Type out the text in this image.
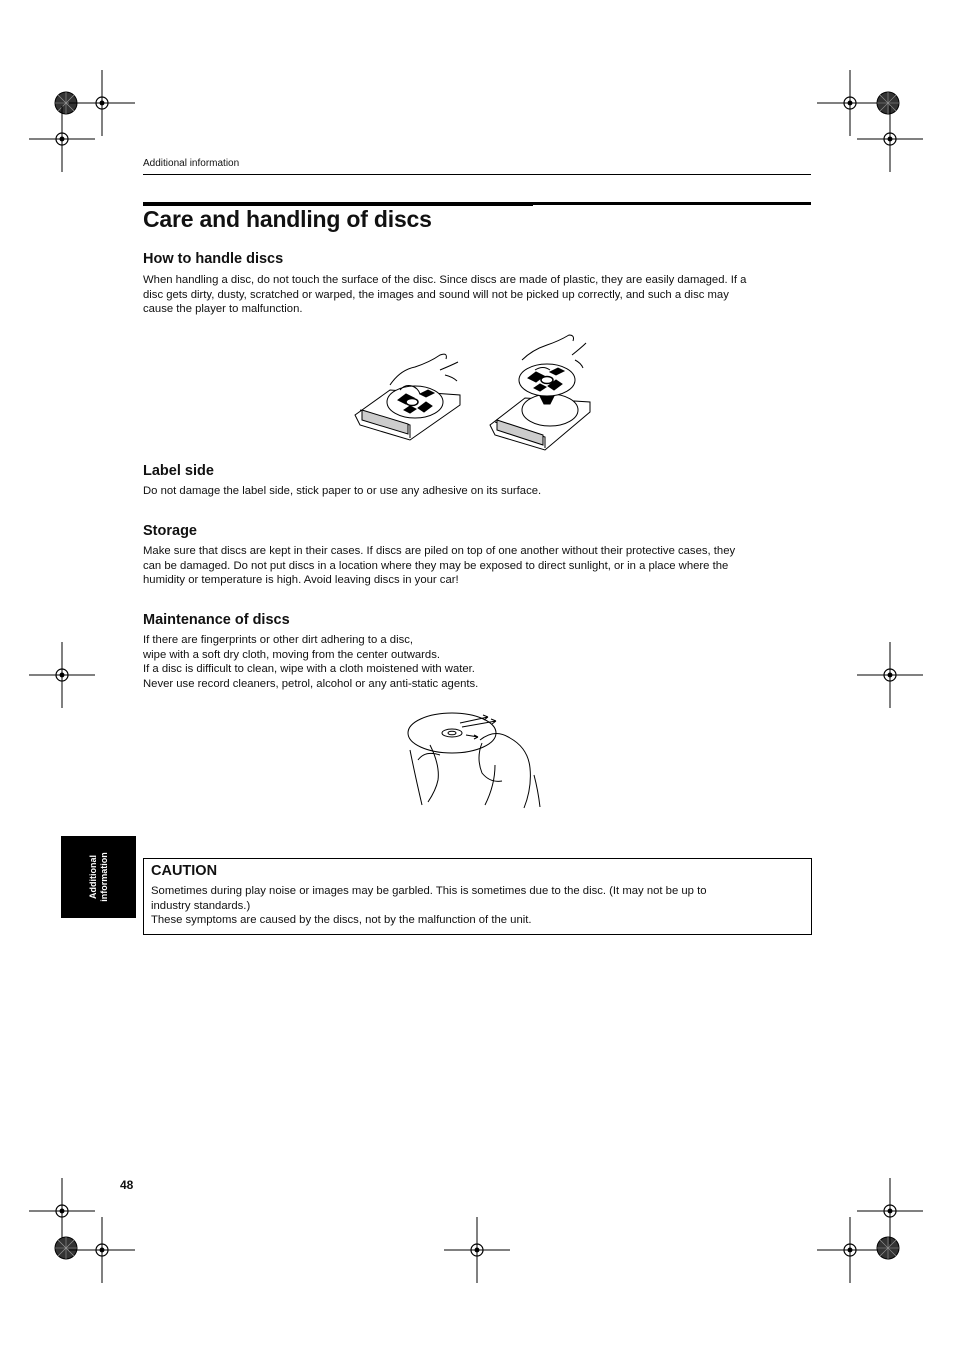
Additional information
Care and handling of discs
How to handle discs

When handling a disc, do not touch the surface of the disc. Since discs are made of plastic, they are easily damaged. If a
disc gets dirty, dusty, scratched or warped, the images and sound will not be picked up correctly, and such a disc may
cause the player to malfunction.

Label side

Do not damage the label side, stick paper to or use any adhesive on its surface.

Storage

Make sure that discs are kept in their cases. If discs are piled on top of one another without their protective cases, they
can be damaged. Do not put discs in a location where they may be exposed to direct sunlight, or in a place where the
humidity or temperature is high. Avoid leaving discs in your car!

Maintenance of discs

If there are fingerprints or other dirt adhering to a disc,
wipe with a soft dry cloth, moving from the center outwards.
If a disc is difficult to clean, wipe with a cloth moistened with water.
Never use record cleaners, petrol, alcohol or any anti-static agents.

Additional information	CAUTION
Sometimes during play noise or images may be garbled. This is sometimes due to the disc. (It may not be up to
industry standards.)
These symptoms are caused by the discs, not by the malfunction of the unit.
48
